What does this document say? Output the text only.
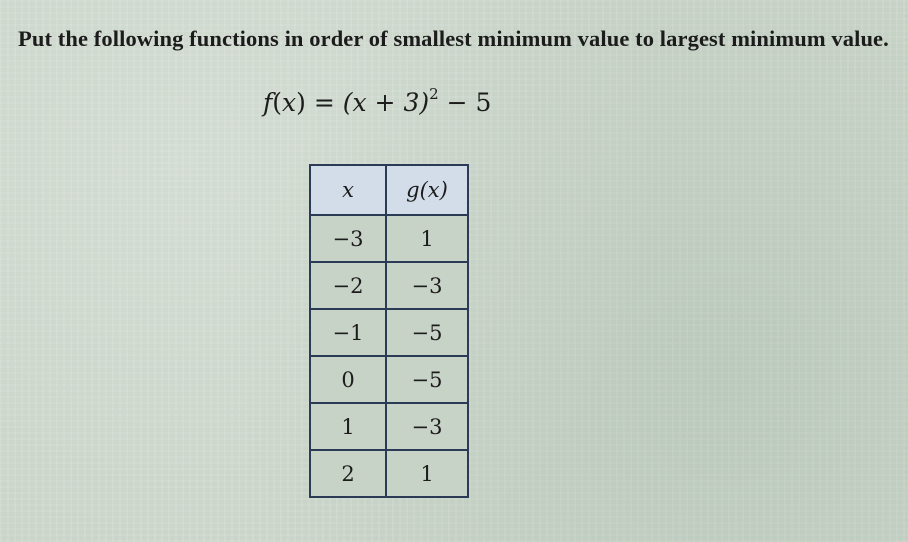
Put the following functions in order of smallest minimum value to largest minimum value.
$f(x) = (x + 3)^2 - 5$
x	g(x)
−3	1
−2	−3
−1	−5
0	−5
1	−3
2	1
